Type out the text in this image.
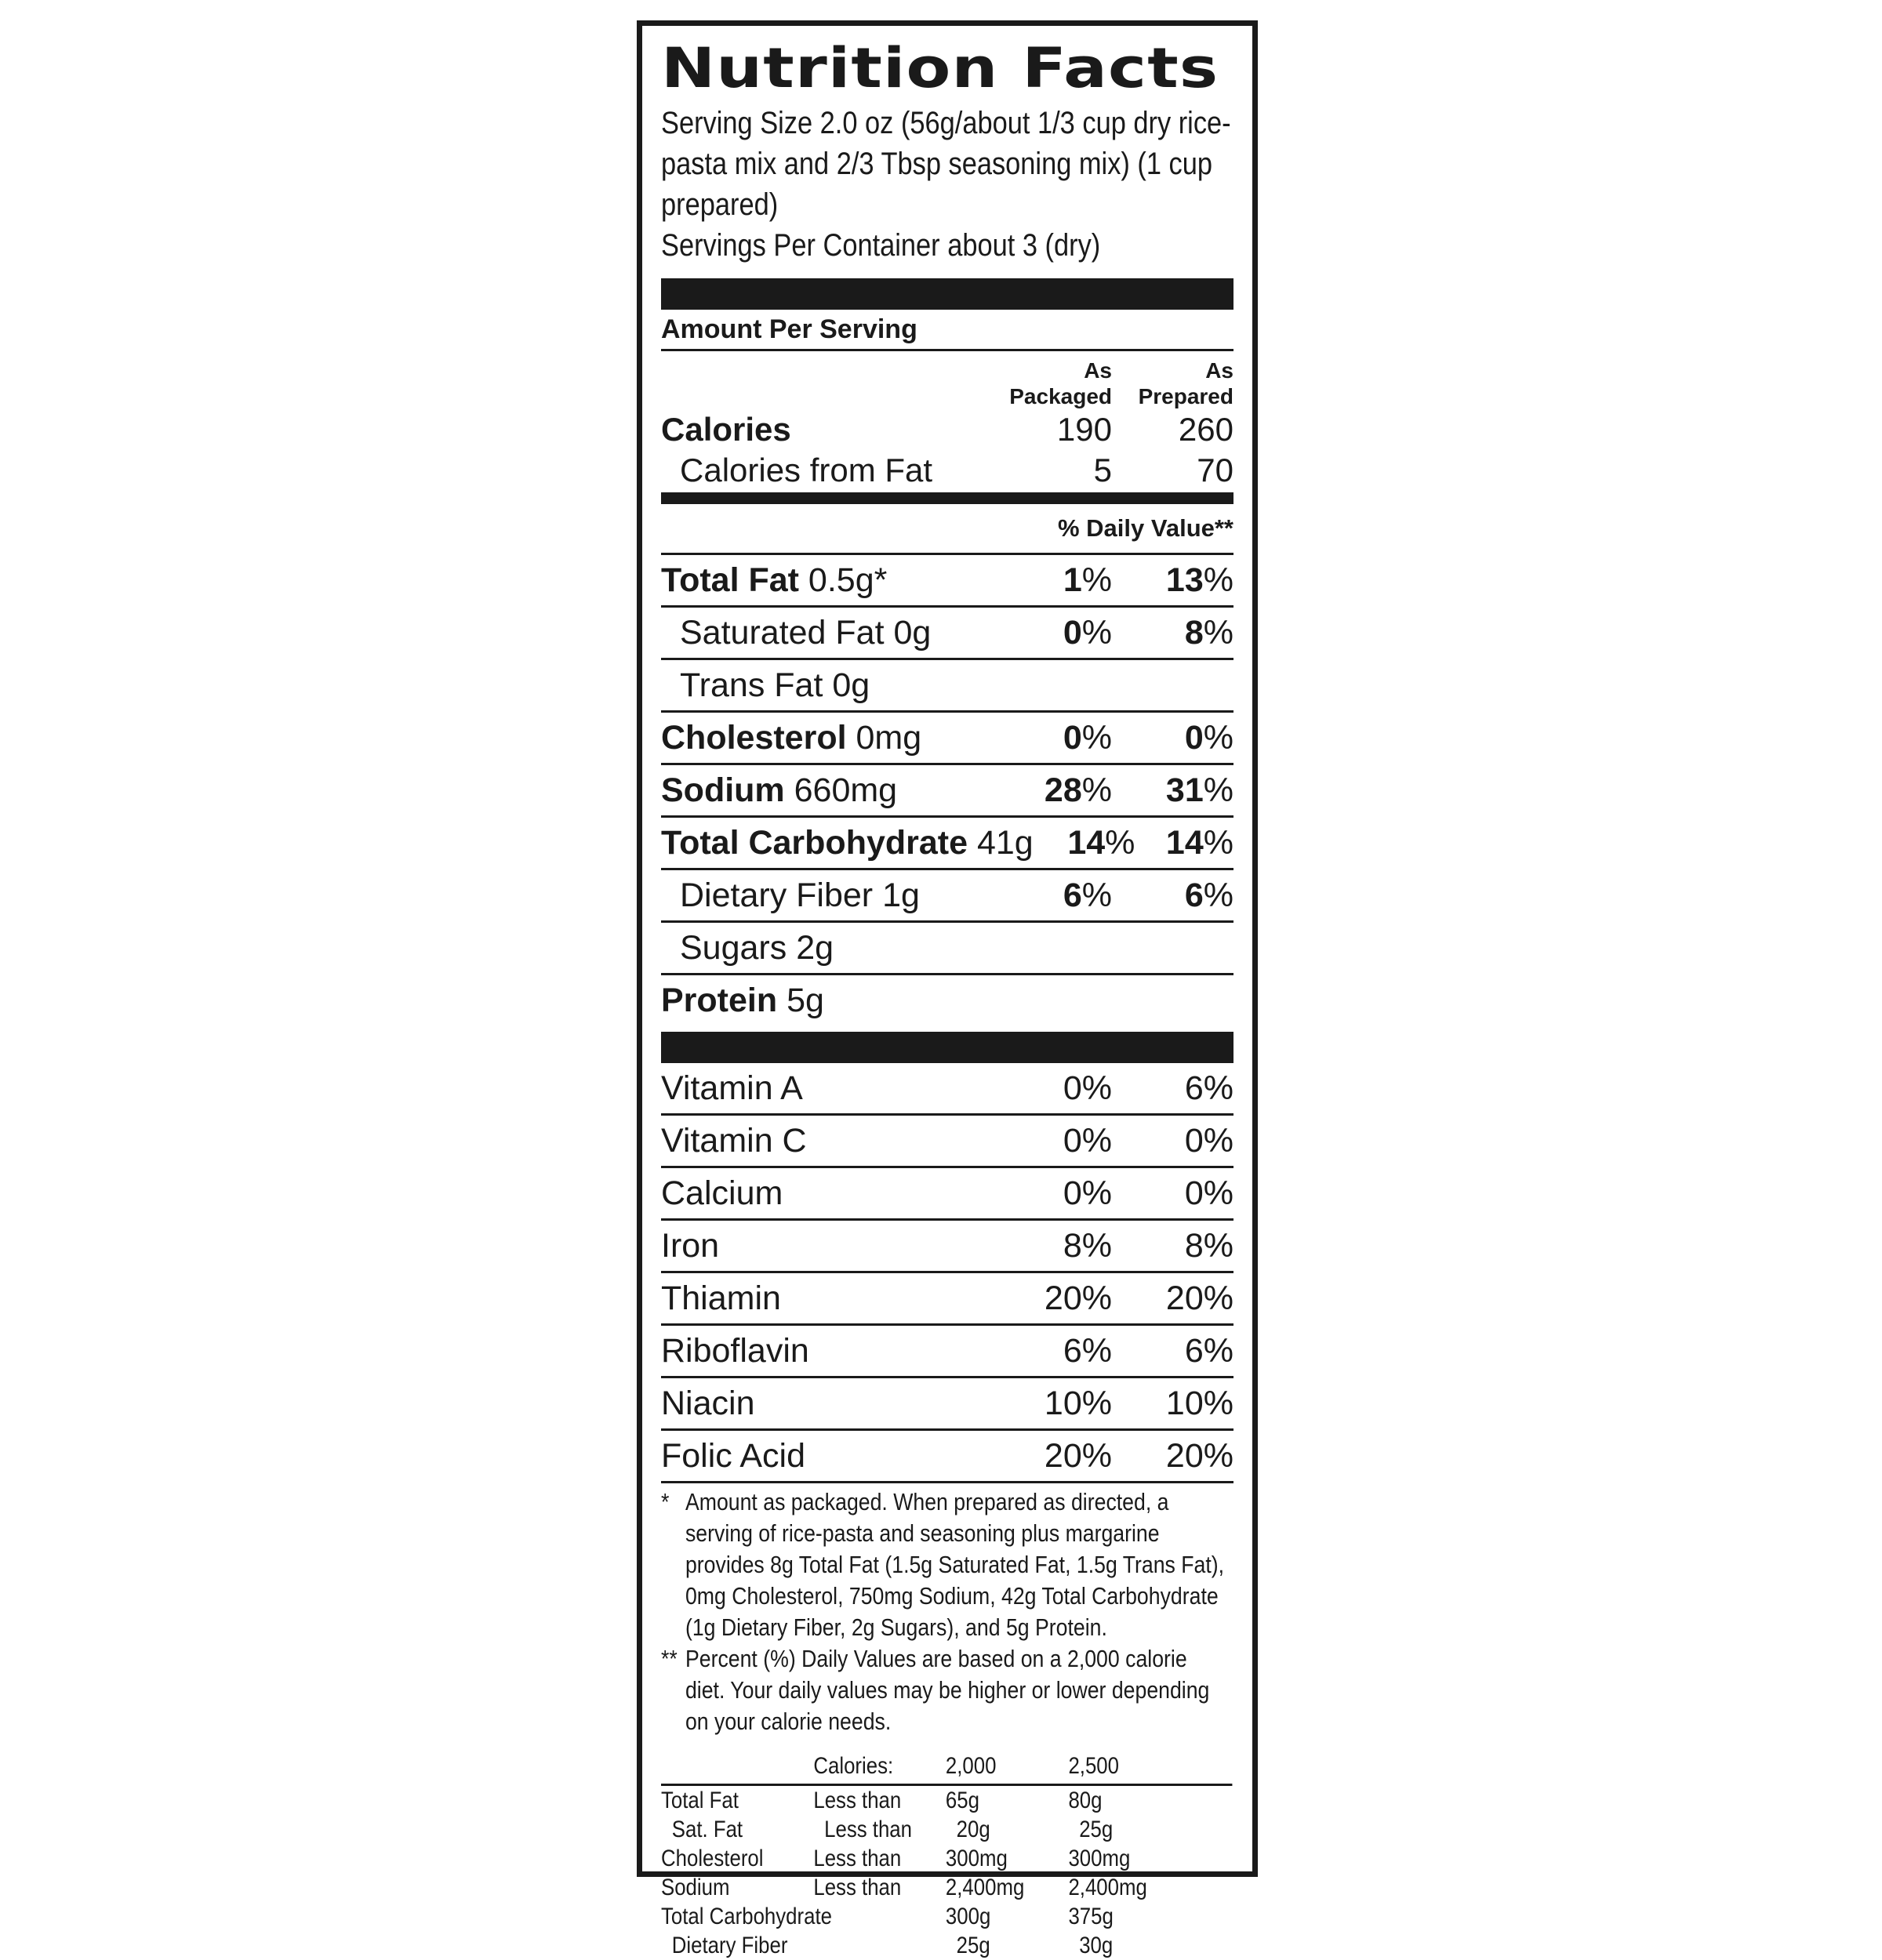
Nutrition Facts
Serving Size 2.0 oz (56g/about 1/3 cup dry rice-pasta mix and 2/3 Tbsp seasoning mix) (1 cup prepared)
Servings Per Container about 3 (dry)
Amount Per Serving
As
Packaged
As
Prepared
Calories	190	260
Calories from Fat	5	70
% Daily Value**
Total Fat 0.5g*	1%	13%
Saturated Fat 0g	0%	8%
Trans Fat 0g
Cholesterol 0mg	0%	0%
Sodium 660mg	28%	31%
Total Carbohydrate 41g	14% 14%
Dietary Fiber 1g	6%	6%
Sugars 2g
Protein 5g
Vitamin A	0%	6%
Vitamin C	0%	0%
Calcium	0%	0%
Iron	8%	8%
Thiamin	20%	20%
Riboflavin	6%	6%
Niacin	10%	10%
Folic Acid	20%	20%
* Amount as packaged. When prepared as directed, a serving of rice-pasta and seasoning plus margarine provides 8g Total Fat (1.5g Saturated Fat, 1.5g Trans Fat), 0mg Cholesterol, 750mg Sodium, 42g Total Carbohydrate (1g Dietary Fiber, 2g Sugars), and 5g Protein.
** Percent (%) Daily Values are based on a 2,000 calorie diet. Your daily values may be higher or lower depending on your calorie needs.
Calories:	2,000	2,500
Total Fat	Less than	65g	80g
Sat. Fat	Less than	20g	25g
Cholesterol	Less than	300mg	300mg
Sodium	Less than	2,400mg	2,400mg
Total Carbohydrate	300g	375g
Dietary Fiber	25g	30g
